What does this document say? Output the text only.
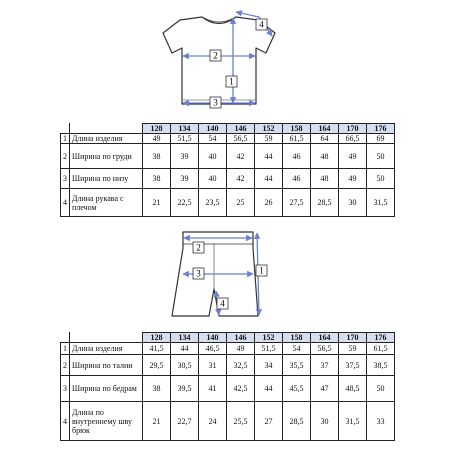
1
2
3
4
1
2
3
4
		128	134	140	146	152	158	164	170	176
1	Длина изделия	49	51,5	54	56,5	59	61,5	64	66,5	69
2	Ширина по груди	38	39	40	42	44	46	48	49	50
3	Ширина по низу	38	39	40	42	44	46	48	49	50
4	Длина рукава с плечом	21	22,5	23,5	25	26	27,5	28,5	30	31,5
		128	134	140	146	152	158	164	170	176
1	Длина изделия	41,5	44	46,5	49	51,5	54	56,5	59	61,5
2	Ширина по талии	29,5	30,5	31	32,5	34	35,5	37	37,5	38,5
3	Ширина по бедрам	38	39,5	41	42,5	44	45,5	47	48,5	50
4	Длина по внутреннему шву брюк	21	22,7	24	25,5	27	28,5	30	31,5	33
